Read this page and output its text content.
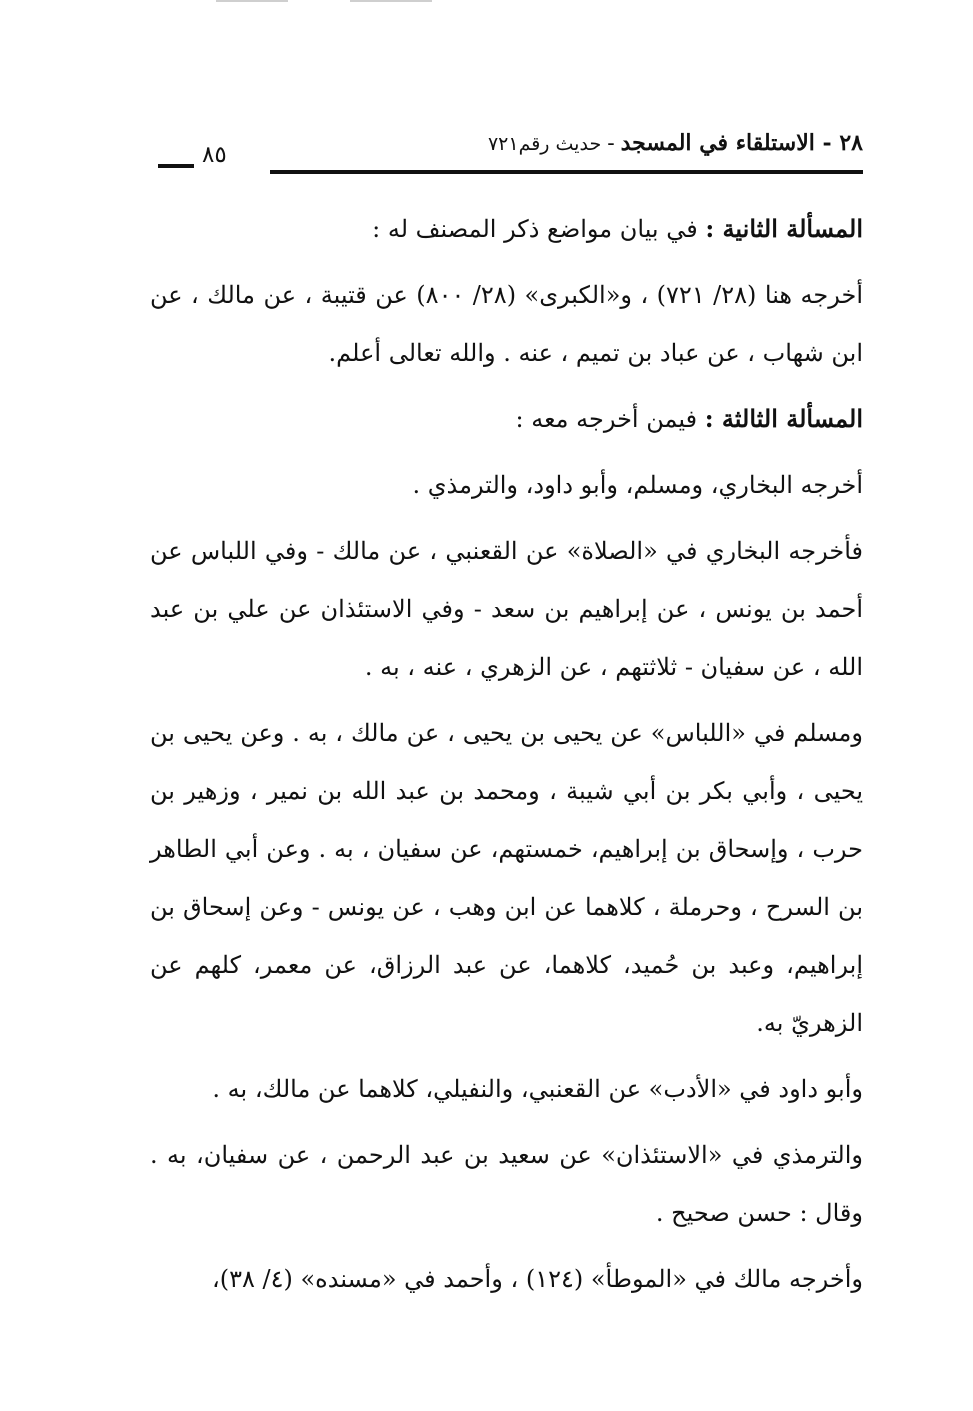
٢٨ - الاستلقاء في المسجد-حديث رقم٧٢١
٨٥

المسألة الثانية : في بيان مواضع ذكر المصنف له :

أخرجه هنا (٢٨/ ٧٢١) ، و«الكبرى» (٢٨/ ٨٠٠) عن قتيبة ، عن مالك ، عن ابن شهاب ، عن عباد بن تميم ، عنه . والله تعالى أعلم.

المسألة الثالثة : فيمن أخرجه معه :

أخرجه البخاري، ومسلم، وأبو داود، والترمذي .

فأخرجه البخاري في «الصلاة» عن القعنبي ، عن مالك - وفي اللباس عن أحمد بن يونس ، عن إبراهيم بن سعد - وفي الاستئذان عن علي بن عبد الله ، عن سفيان - ثلاثتهم ، عن الزهري ، عنه ، به .

ومسلم في «اللباس» عن يحيى بن يحيى ، عن مالك ، به . وعن يحيى بن يحيى ، وأبي بكر بن أبي شيبة ، ومحمد بن عبد الله بن نمير ، وزهير بن حرب ، وإسحاق بن إبراهيم، خمستهم، عن سفيان ، به . وعن أبي الطاهر بن السرح ، وحرملة ، كلاهما عن ابن وهب ، عن يونس - وعن إسحاق بن إبراهيم، وعبد بن حُميد، كلاهما، عن عبد الرزاق، عن معمر، كلهم عن الزهريّ به.

وأبو داود في «الأدب» عن القعنبي، والنفيلي، كلاهما عن مالك، به .

والترمذي في «الاستئذان» عن سعيد بن عبد الرحمن ، عن سفيان، به . وقال : حسن صحيح .

وأخرجه مالك في «الموطأ» (١٢٤) ، وأحمد في «مسنده» (٤/ ٣٨)،
